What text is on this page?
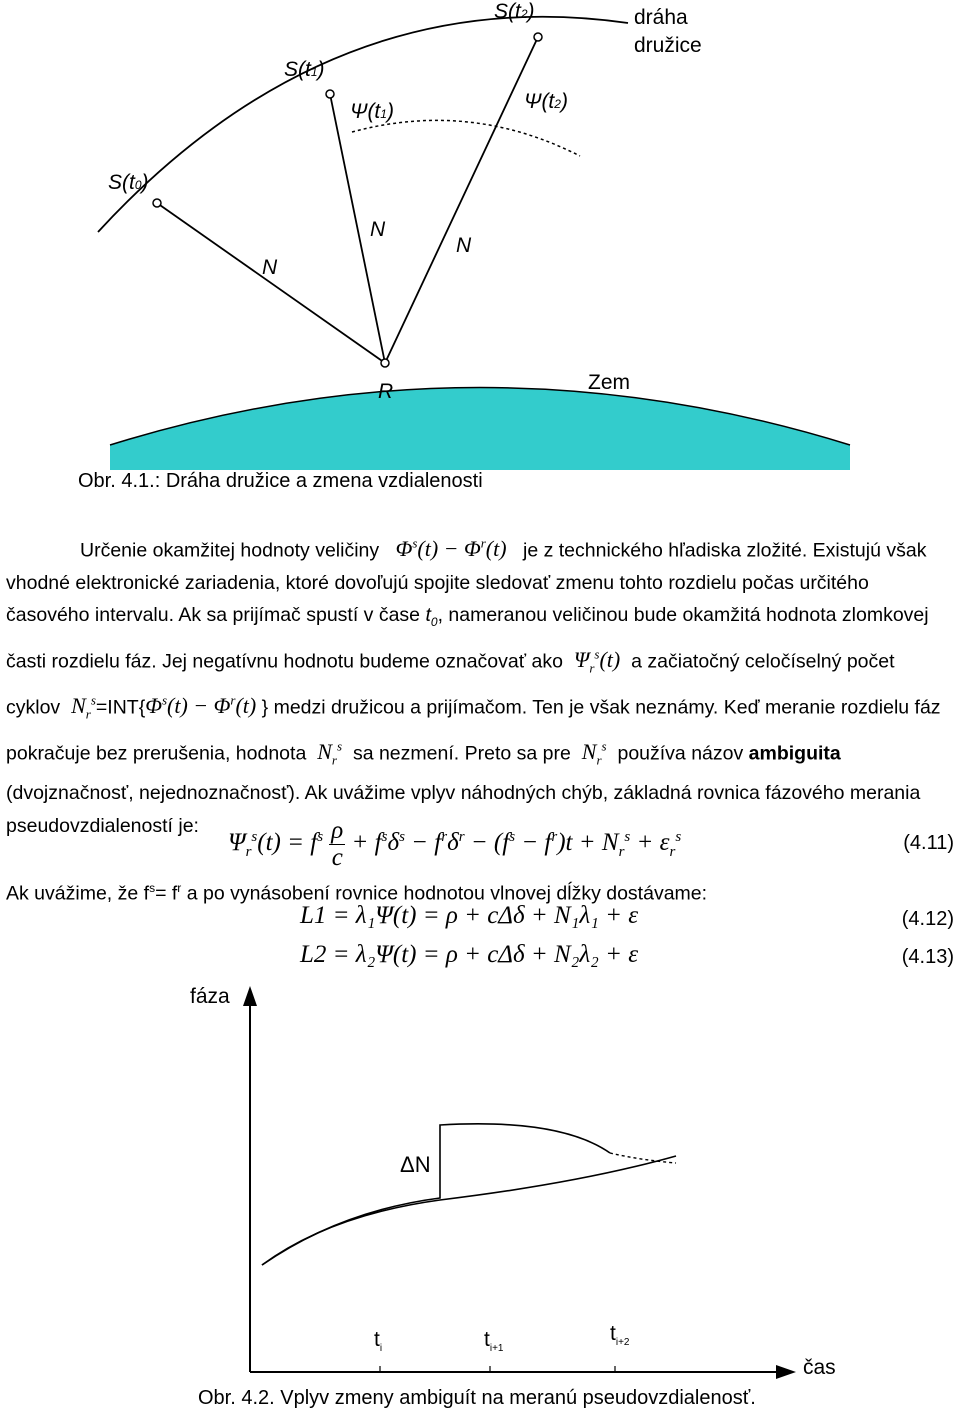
S(t0)
S(t1)
S(t2)
Ψ(t1)	Ψ(t2)
dráha družice
N
N
N
R	Zem
Obr. 4.1.: Dráha družice a zmena vzdialenosti
Určenie okamžitej hodnoty veličiny   $\Phi^s(t) - \Phi^r(t)$   je z technického hľadiska zložité. Existujú však vhodné elektronické zariadenia, ktoré dovoľujú spojite sledovať zmenu tohto rozdielu počas určitého časového intervalu. Ak sa prijímač spustí v čase $t_0$, nameranou veličinou bude okamžitá hodnota zlomkovej časti rozdielu fáz. Jej negatívnu hodnotu budeme označovať ako  $\Psi_r^s(t)$  a začiatočný celočíselný počet cyklov  $N_r^s=INT\{\Phi^s(t) - \Phi^r(t)$ } medzi družicou a prijímačom. Ten je však neznámy. Keď meranie rozdielu fáz pokračuje bez prerušenia, hodnota  $N_r^s$ sa nezmení. Preto sa pre  $N_r^s$ používa názov ambiguita (dvojznačnosť, nejednoznačnosť). Ak uvážime vplyv náhodných chýb, základná rovnica fázového merania pseudovzdialeností je:
$\Psi_r^s(t) = f^s \frac{\rho}{c} + f^s\delta^s - f^r\delta^r - (f^s - f^r)t + N_r^s + \varepsilon_r^s$	(4.11)
Ak uvážime, že $f^s= f^r$ a po vynásobení rovnice hodnotou vlnovej dĺžky dostávame:
L1 = λ₁Ψ(t) = ρ + cΔδ + N₁λ₁ + ε	(4.12)
L2 = λ₂Ψ(t) = ρ + cΔδ + N₂λ₂ + ε	(4.13)
fáza
čas
ΔN
$t_i$	$t_{i+1}$
$t_{i+2}$
Obr. 4.2. Vplyv zmeny ambiguít na meranú pseudovzdialenosť.
